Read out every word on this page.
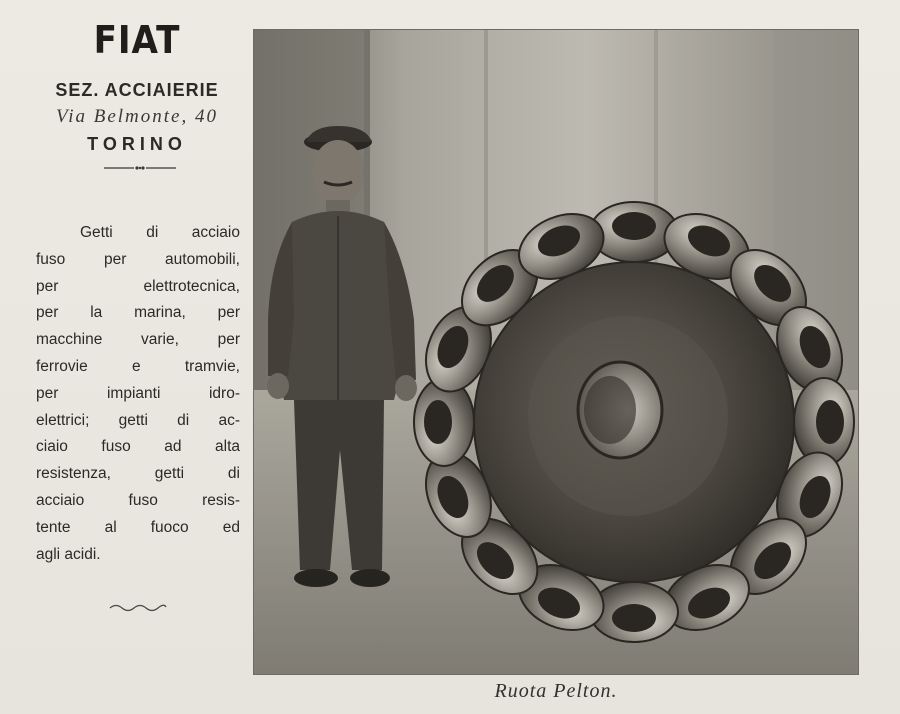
FIAT
SEZ. ACCIAIERIE
Via Belmonte, 40
TORINO
Getti di acciaio
fuso per automobili,
per elettrotecnica,
per la marina, per
macchine varie, per
ferrovie e tramvie,
per impianti idro-
elettrici; getti di ac-
ciaio fuso ad alta
resistenza, getti di
acciaio fuso resis-
tente al fuoco ed
agli acidi.
Ruota Pelton.
